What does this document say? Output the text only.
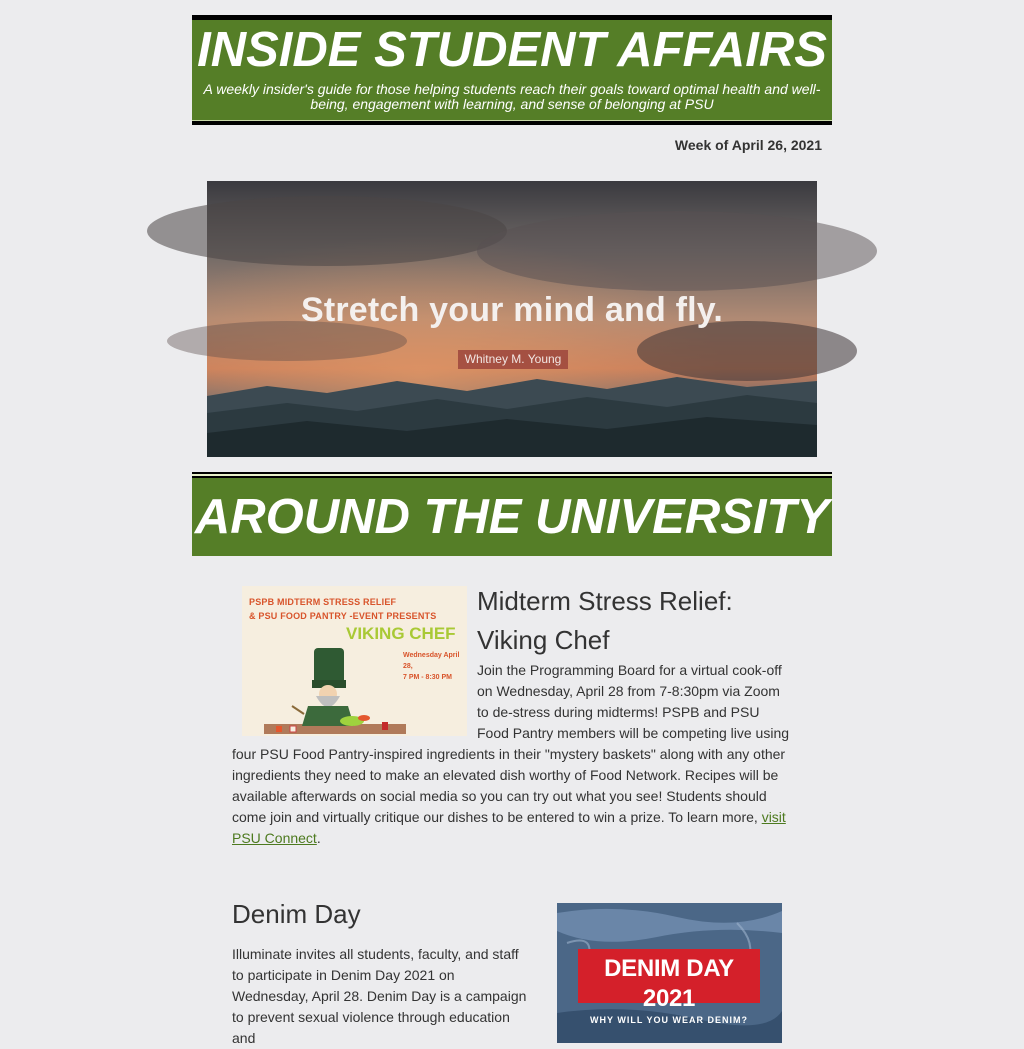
INSIDE STUDENT AFFAIRS

A weekly insider's guide for those helping students reach their goals toward optimal health and well-being, engagement with learning, and sense of belonging at PSU

Week of April 26, 2021
Stretch your mind and fly.
Whitney M. Young
AROUND THE UNIVERSITY
PSPB MIDTERM STRESS RELIEF
& PSU FOOD PANTRY -EVENT PRESENTS
VIKING CHEF
Wednesday April 28,
7 PM - 8:30 PM
Midterm Stress Relief:
Viking Chef

Join the Programming Board for a virtual cook-off on Wednesday, April 28 from 7-8:30pm via Zoom to de-stress during midterms! PSPB and PSU Food Pantry members will be competing live using four PSU Food Pantry-inspired ingredients in their "mystery baskets" along with any other ingredients they need to make an elevated dish worthy of Food Network. Recipes will be available afterwards on social media so you can try out what you see! Students should come join and virtually critique our dishes to be entered to win a prize. To learn more, visit PSU Connect.

Denim Day

Illuminate invites all students, faculty, and staff to participate in Denim Day 2021 on Wednesday, April 28. Denim Day is a campaign to prevent sexual violence through education and

DENIM DAY 2021
WHY WILL YOU WEAR DENIM?
